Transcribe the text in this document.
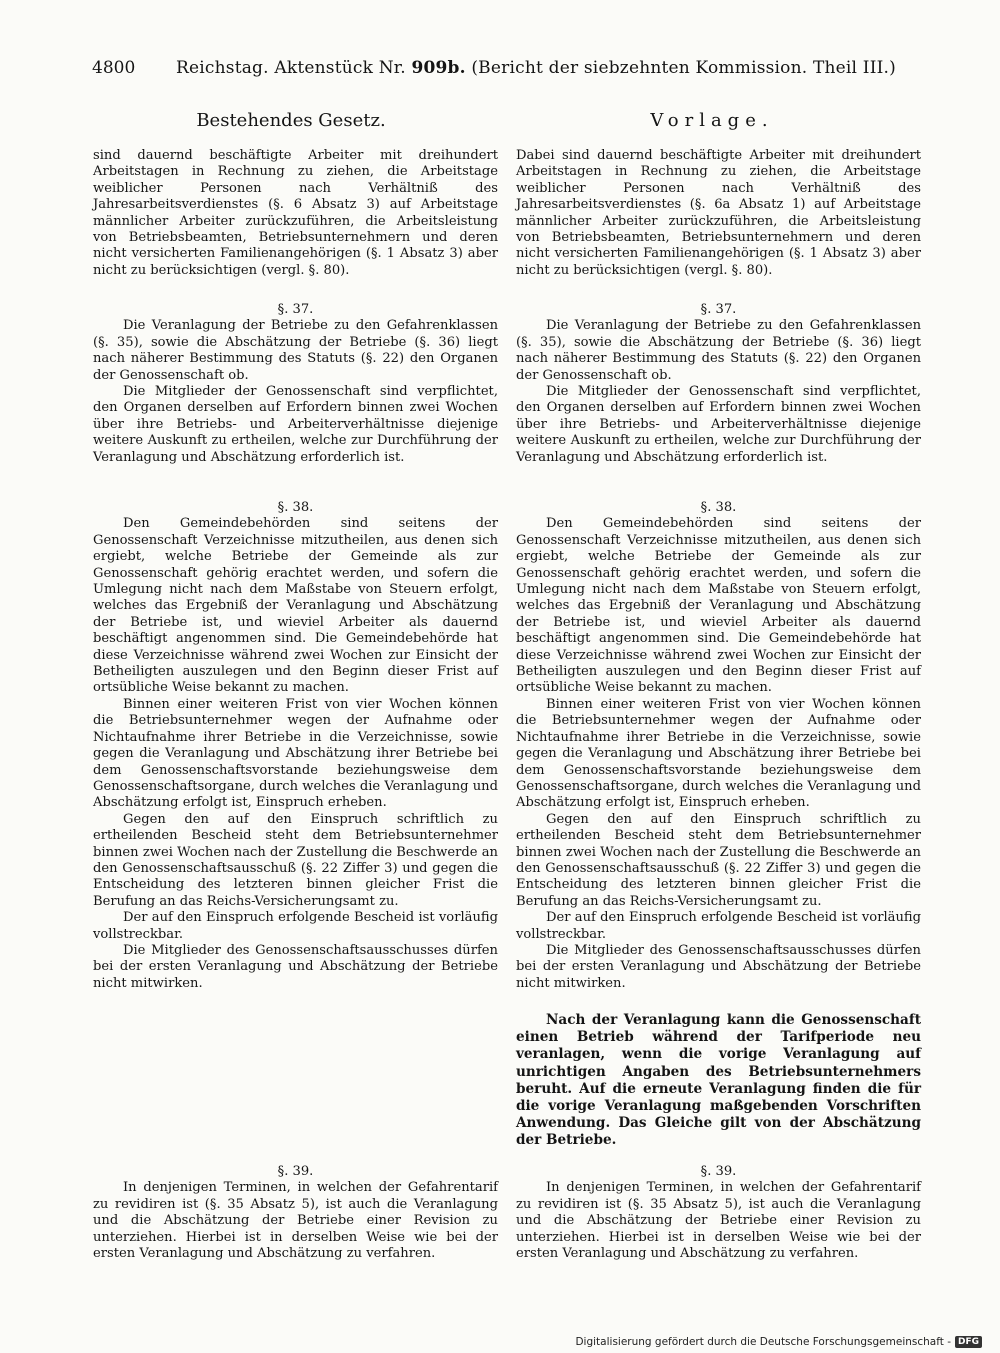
4800 Reichstag. Aktenstück Nr. 909b. (Bericht der siebzehnten Kommission. Theil III.)
Bestehendes Gesetz.	Vorlage.

sind dauernd beschäftigte Arbeiter mit dreihundert Arbeitstagen in Rechnung zu ziehen, die Arbeitstage weiblicher Personen nach Verhältniß des Jahresarbeitsverdienstes (§. 6 Absatz 3) auf Arbeitstage männlicher Arbeiter zurückzuführen, die Arbeitsleistung von Betriebsbeamten, Betriebsunternehmern und deren nicht versicherten Familienangehörigen (§. 1 Absatz 3) aber nicht zu berücksichtigen (vergl. §. 80).

§. 37.

Die Veranlagung der Betriebe zu den Gefahrenklassen (§. 35), sowie die Abschätzung der Betriebe (§. 36) liegt nach näherer Bestimmung des Statuts (§. 22) den Organen der Genossenschaft ob.

Die Mitglieder der Genossenschaft sind verpflichtet, den Organen derselben auf Erfordern binnen zwei Wochen über ihre Betriebs- und Arbeiterverhältnisse diejenige weitere Auskunft zu ertheilen, welche zur Durchführung der Veranlagung und Abschätzung erforderlich ist.

§. 38.

Den Gemeindebehörden sind seitens der Genossenschaft Verzeichnisse mitzutheilen, aus denen sich ergiebt, welche Betriebe der Gemeinde als zur Genossenschaft gehörig erachtet werden, und sofern die Umlegung nicht nach dem Maßstabe von Steuern erfolgt, welches das Ergebniß der Veranlagung und Abschätzung der Betriebe ist, und wieviel Arbeiter als dauernd beschäftigt angenommen sind. Die Gemeindebehörde hat diese Verzeichnisse während zwei Wochen zur Einsicht der Betheiligten auszulegen und den Beginn dieser Frist auf ortsübliche Weise bekannt zu machen.

Binnen einer weiteren Frist von vier Wochen können die Betriebsunternehmer wegen der Aufnahme oder Nichtaufnahme ihrer Betriebe in die Verzeichnisse, sowie gegen die Veranlagung und Abschätzung ihrer Betriebe bei dem Genossenschaftsvorstande beziehungsweise dem Genossenschaftsorgane, durch welches die Veranlagung und Abschätzung erfolgt ist, Einspruch erheben.

Gegen den auf den Einspruch schriftlich zu ertheilenden Bescheid steht dem Betriebsunternehmer binnen zwei Wochen nach der Zustellung die Beschwerde an den Genossenschaftsausschuß (§. 22 Ziffer 3) und gegen die Entscheidung des letzteren binnen gleicher Frist die Berufung an das Reichs-Versicherungsamt zu.

Der auf den Einspruch erfolgende Bescheid ist vorläufig vollstreckbar.

Die Mitglieder des Genossenschaftsausschusses dürfen bei der ersten Veranlagung und Abschätzung der Betriebe nicht mitwirken.

§. 39.

In denjenigen Terminen, in welchen der Gefahrentarif zu revidiren ist (§. 35 Absatz 5), ist auch die Veranlagung und die Abschätzung der Betriebe einer Revision zu unterziehen. Hierbei ist in derselben Weise wie bei der ersten Veranlagung und Abschätzung zu verfahren.

Dabei sind dauernd beschäftigte Arbeiter mit dreihundert Arbeitstagen in Rechnung zu ziehen, die Arbeitstage weiblicher Personen nach Verhältniß des Jahresarbeitsverdienstes (§. 6a Absatz 1) auf Arbeitstage männlicher Arbeiter zurückzuführen, die Arbeitsleistung von Betriebsbeamten, Betriebsunternehmern und deren nicht versicherten Familienangehörigen (§. 1 Absatz 3) aber nicht zu berücksichtigen (vergl. §. 80).

§. 37.

Die Veranlagung der Betriebe zu den Gefahrenklassen (§. 35), sowie die Abschätzung der Betriebe (§. 36) liegt nach näherer Bestimmung des Statuts (§. 22) den Organen der Genossenschaft ob.

Die Mitglieder der Genossenschaft sind verpflichtet, den Organen derselben auf Erfordern binnen zwei Wochen über ihre Betriebs- und Arbeiterverhältnisse diejenige weitere Auskunft zu ertheilen, welche zur Durchführung der Veranlagung und Abschätzung erforderlich ist.

§. 38.

Den Gemeindebehörden sind seitens der Genossenschaft Verzeichnisse mitzutheilen, aus denen sich ergiebt, welche Betriebe der Gemeinde als zur Genossenschaft gehörig erachtet werden, und sofern die Umlegung nicht nach dem Maßstabe von Steuern erfolgt, welches das Ergebniß der Veranlagung und Abschätzung der Betriebe ist, und wieviel Arbeiter als dauernd beschäftigt angenommen sind. Die Gemeindebehörde hat diese Verzeichnisse während zwei Wochen zur Einsicht der Betheiligten auszulegen und den Beginn dieser Frist auf ortsübliche Weise bekannt zu machen.

Binnen einer weiteren Frist von vier Wochen können die Betriebsunternehmer wegen der Aufnahme oder Nichtaufnahme ihrer Betriebe in die Verzeichnisse, sowie gegen die Veranlagung und Abschätzung ihrer Betriebe bei dem Genossenschaftsvorstande beziehungsweise dem Genossenschaftsorgane, durch welches die Veranlagung und Abschätzung erfolgt ist, Einspruch erheben.

Gegen den auf den Einspruch schriftlich zu ertheilenden Bescheid steht dem Betriebsunternehmer binnen zwei Wochen nach der Zustellung die Beschwerde an den Genossenschaftsausschuß (§. 22 Ziffer 3) und gegen die Entscheidung des letzteren binnen gleicher Frist die Berufung an das Reichs-Versicherungsamt zu.

Der auf den Einspruch erfolgende Bescheid ist vorläufig vollstreckbar.

Die Mitglieder des Genossenschaftsausschusses dürfen bei der ersten Veranlagung und Abschätzung der Betriebe nicht mitwirken.

Nach der Veranlagung kann die Genossenschaft einen Betrieb während der Tarifperiode neu veranlagen, wenn die vorige Veranlagung auf unrichtigen Angaben des Betriebsunternehmers beruht. Auf die erneute Veranlagung finden die für die vorige Veranlagung maßgebenden Vorschriften Anwendung. Das Gleiche gilt von der Abschätzung der Betriebe.

§. 39.

In denjenigen Terminen, in welchen der Gefahrentarif zu revidiren ist (§. 35 Absatz 5), ist auch die Veranlagung und die Abschätzung der Betriebe einer Revision zu unterziehen. Hierbei ist in derselben Weise wie bei der ersten Veranlagung und Abschätzung zu verfahren.

Digitalisierung gefördert durch die Deutsche Forschungsgemeinschaft - DFG
